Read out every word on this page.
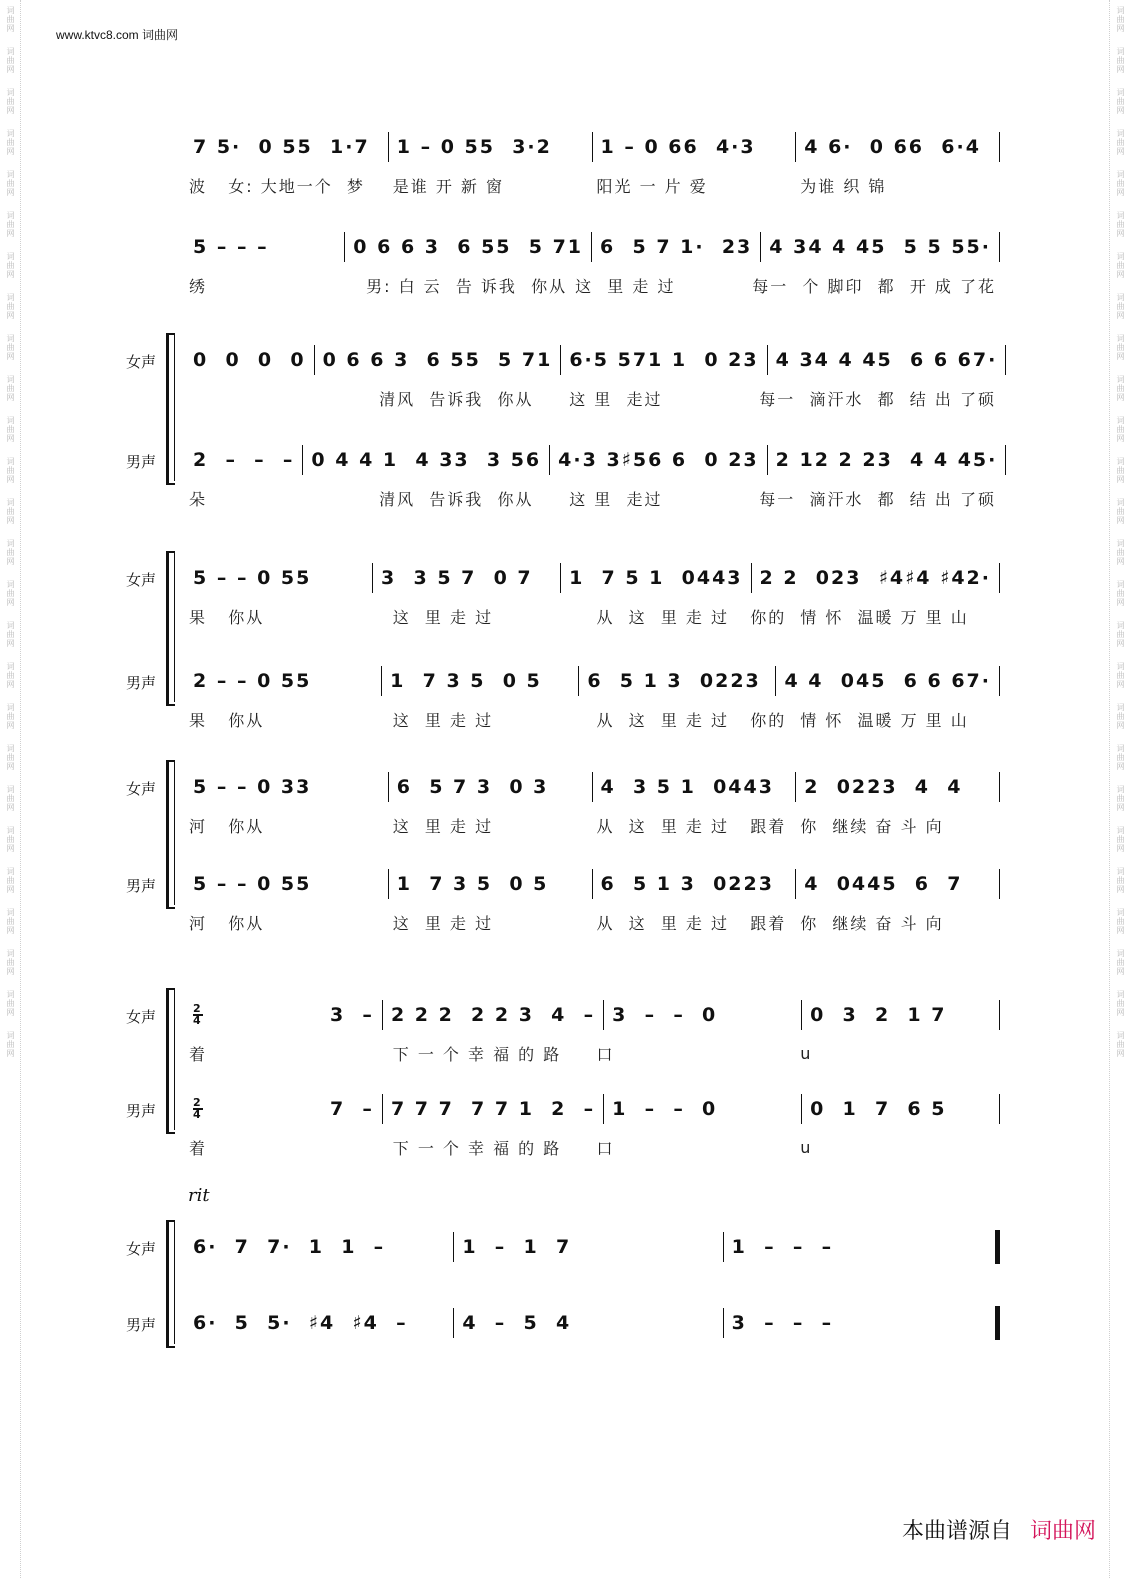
词曲网
词曲网
词曲网
词曲网
词曲网
词曲网
词曲网
词曲网
词曲网
词曲网
词曲网
词曲网
词曲网
词曲网
词曲网
词曲网
词曲网
词曲网
词曲网
词曲网
词曲网
词曲网
词曲网
词曲网
词曲网
词曲网
词曲网
词曲网
词曲网
词曲网
词曲网
词曲网
词曲网
词曲网
词曲网
词曲网
词曲网
词曲网
词曲网
词曲网
词曲网
词曲网
词曲网
词曲网
词曲网
词曲网
词曲网
词曲网
词曲网
词曲网
词曲网
词曲网
www.ktvc8.com 词曲网
7 5·  0 55  1·7 1 – 0 55  3·2	1 – 0 66  4·3	4 6·  0 66  6·4
波   女: 大地一个  梦	是谁 开 新 窗	阳光 一 片 爱	为谁 织 锦
5 – – –	0 6 6 3  6 55  5 71 6  5 7 1·  23 4 34 4 45  5 5 55·
绣	男: 白 云  告 诉我  你从 这  里 走 过	每一  个 脚印  都  开 成 了花
女声 0  0  0  0 0 6 6 3  6 55  5 71 6·5 571 1  0 23 4 34 4 45  6 6 67·
清风  告诉我  你从	这 里  走过	每一  滴汗水  都  结 出 了硕
男声 2  –  –  – 0 4 4 1  4 33  3 56 4·3 3♯56 6  0 23 2 12 2 23  4 4 45·
朵	清风  告诉我  你从	这 里  走过	每一  滴汗水  都  结 出 了硕
女声 5 – – 0 55	3  3 5 7  0 7 1  7 5 1  0443 2 2  023  ♯4♯4 ♯42·
果   你从	这  里 走 过	从  这  里 走 过   你的 情 怀  温暖 万 里 山
男声 2 – – 0 55	1  7 3 5  0 5 6  5 1 3  0223 4 4  045  6 6 67·
果   你从	这  里 走 过	从  这  里 走 过   你的 情 怀  温暖 万 里 山
女声 5 – – 0 33	6  5 7 3  0 3	4  3 5 1  0443 2  0223  4  4
河   你从	这  里 走 过	从  这  里 走 过   跟着 你  继续 奋 斗 向
男声 5 – – 0 55	1  7 3 5  0 5	6  5 1 3  0223 4  0445  6  7
河   你从	这  里 走 过	从  这  里 走 过   跟着 你  继续 奋 斗 向
女声	2
4	3  – 2 2 2  2 2 3  4  – 3  –  –  0	0  3  2  1 7
着	下 一 个 幸 福 的 路	口	u
男声	2
4	7  – 7 7 7  7 7 1  2  – 1  –  –  0	0  1  7  6 5
着	下 一 个 幸 福 的 路	口	u
女声 6·  7  7·  1  1  –	1  –  1  7	1  –  –  –
男声 6·  5  5·  ♯4  ♯4  –	4  –  5  4	3  –  –  –
rit
本曲谱源自 词曲网
